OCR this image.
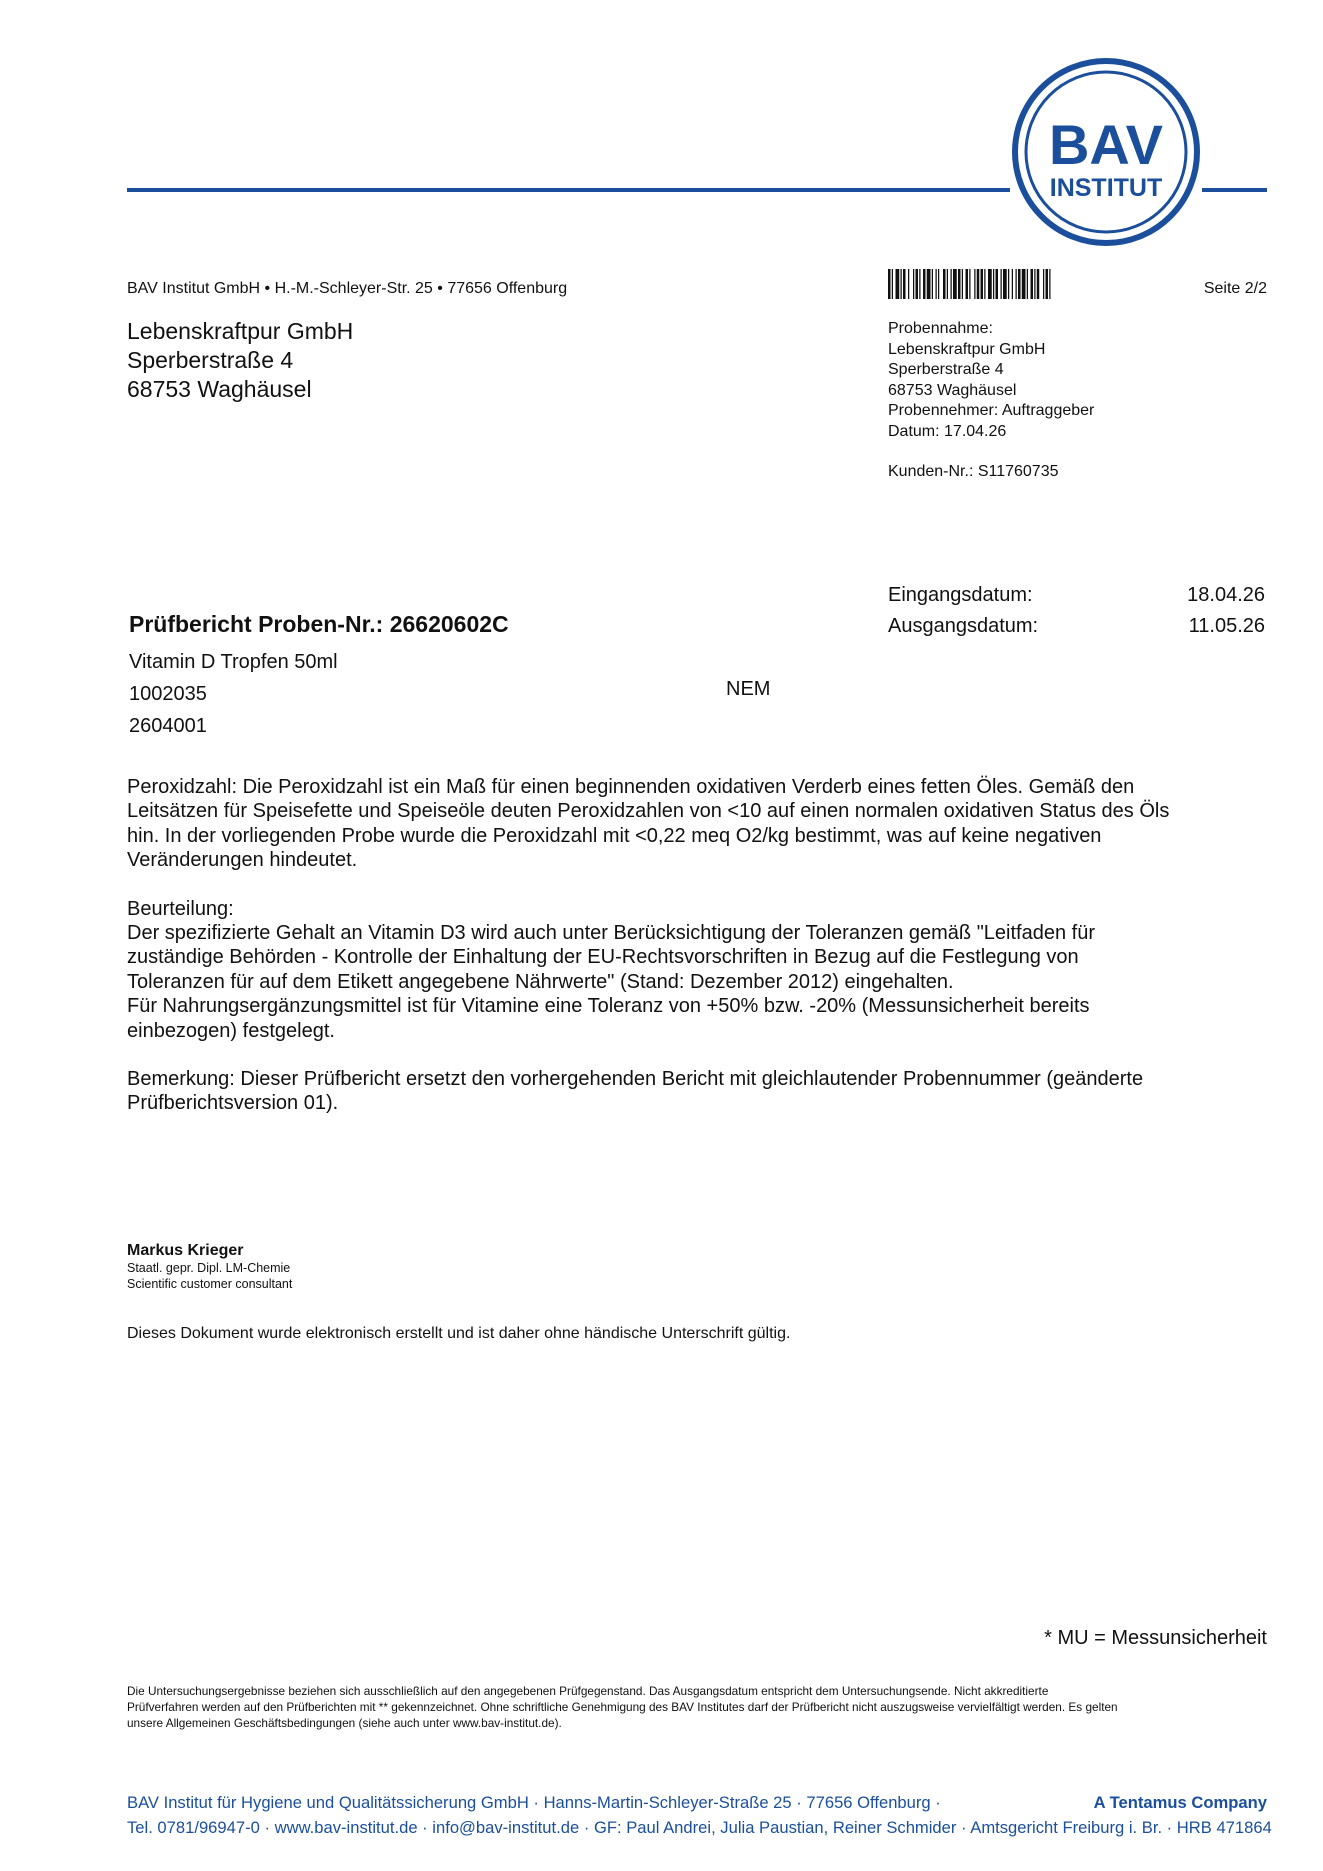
BAV
INSTITUT
BAV Institut GmbH • H.-M.-Schleyer-Str. 25 • 77656 Offenburg	Seite 2/2
Lebenskraftpur GmbH
Sperberstraße 4
68753 Waghäusel
Probennahme:
Lebenskraftpur GmbH
Sperberstraße 4
68753 Waghäusel
Probennehmer: Auftraggeber
Datum: 17.04.26
Kunden-Nr.: S11760735
Eingangsdatum:	18.04.26
Ausgangsdatum:	11.05.26
Prüfbericht Proben-Nr.: 26620602C
Vitamin D Tropfen 50ml
1002035
2604001
NEM

Peroxidzahl: Die Peroxidzahl ist ein Maß für einen beginnenden oxidativen Verderb eines fetten Öles. Gemäß den
Leitsätzen für Speisefette und Speiseöle deuten Peroxidzahlen von <10 auf einen normalen oxidativen Status des Öls
hin. In der vorliegenden Probe wurde die Peroxidzahl mit <0,22 meq O2/kg bestimmt, was auf keine negativen
Veränderungen hindeutet.

Beurteilung:
Der spezifizierte Gehalt an Vitamin D3 wird auch unter Berücksichtigung der Toleranzen gemäß "Leitfaden für
zuständige Behörden - Kontrolle der Einhaltung der EU-Rechtsvorschriften in Bezug auf die Festlegung von
Toleranzen für auf dem Etikett angegebene Nährwerte" (Stand: Dezember 2012) eingehalten.
Für Nahrungsergänzungsmittel ist für Vitamine eine Toleranz von +50% bzw. -20% (Messunsicherheit bereits
einbezogen) festgelegt.

Bemerkung: Dieser Prüfbericht ersetzt den vorhergehenden Bericht mit gleichlautender Probennummer (geänderte
Prüfberichtsversion 01).

Markus Krieger
Staatl. gepr. Dipl. LM-Chemie
Scientific customer consultant
Dieses Dokument wurde elektronisch erstellt und ist daher ohne händische Unterschrift gültig.
* MU = Messunsicherheit
Die Untersuchungsergebnisse beziehen sich ausschließlich auf den angegebenen Prüfgegenstand. Das Ausgangsdatum entspricht dem Untersuchungsende. Nicht akkreditierte
Prüfverfahren werden auf den Prüfberichten mit ** gekennzeichnet. Ohne schriftliche Genehmigung des BAV Institutes darf der Prüfbericht nicht auszugsweise vervielfältigt werden. Es gelten
unsere Allgemeinen Geschäftsbedingungen (siehe auch unter www.bav-institut.de).
BAV Institut für Hygiene und Qualitätssicherung GmbH · Hanns-Martin-Schleyer-Straße 25 · 77656 Offenburg ·	A Tentamus Company
Tel. 0781/96947-0 · www.bav-institut.de · info@bav-institut.de · GF: Paul Andrei, Julia Paustian, Reiner Schmider · Amtsgericht Freiburg i. Br. · HRB 471864
